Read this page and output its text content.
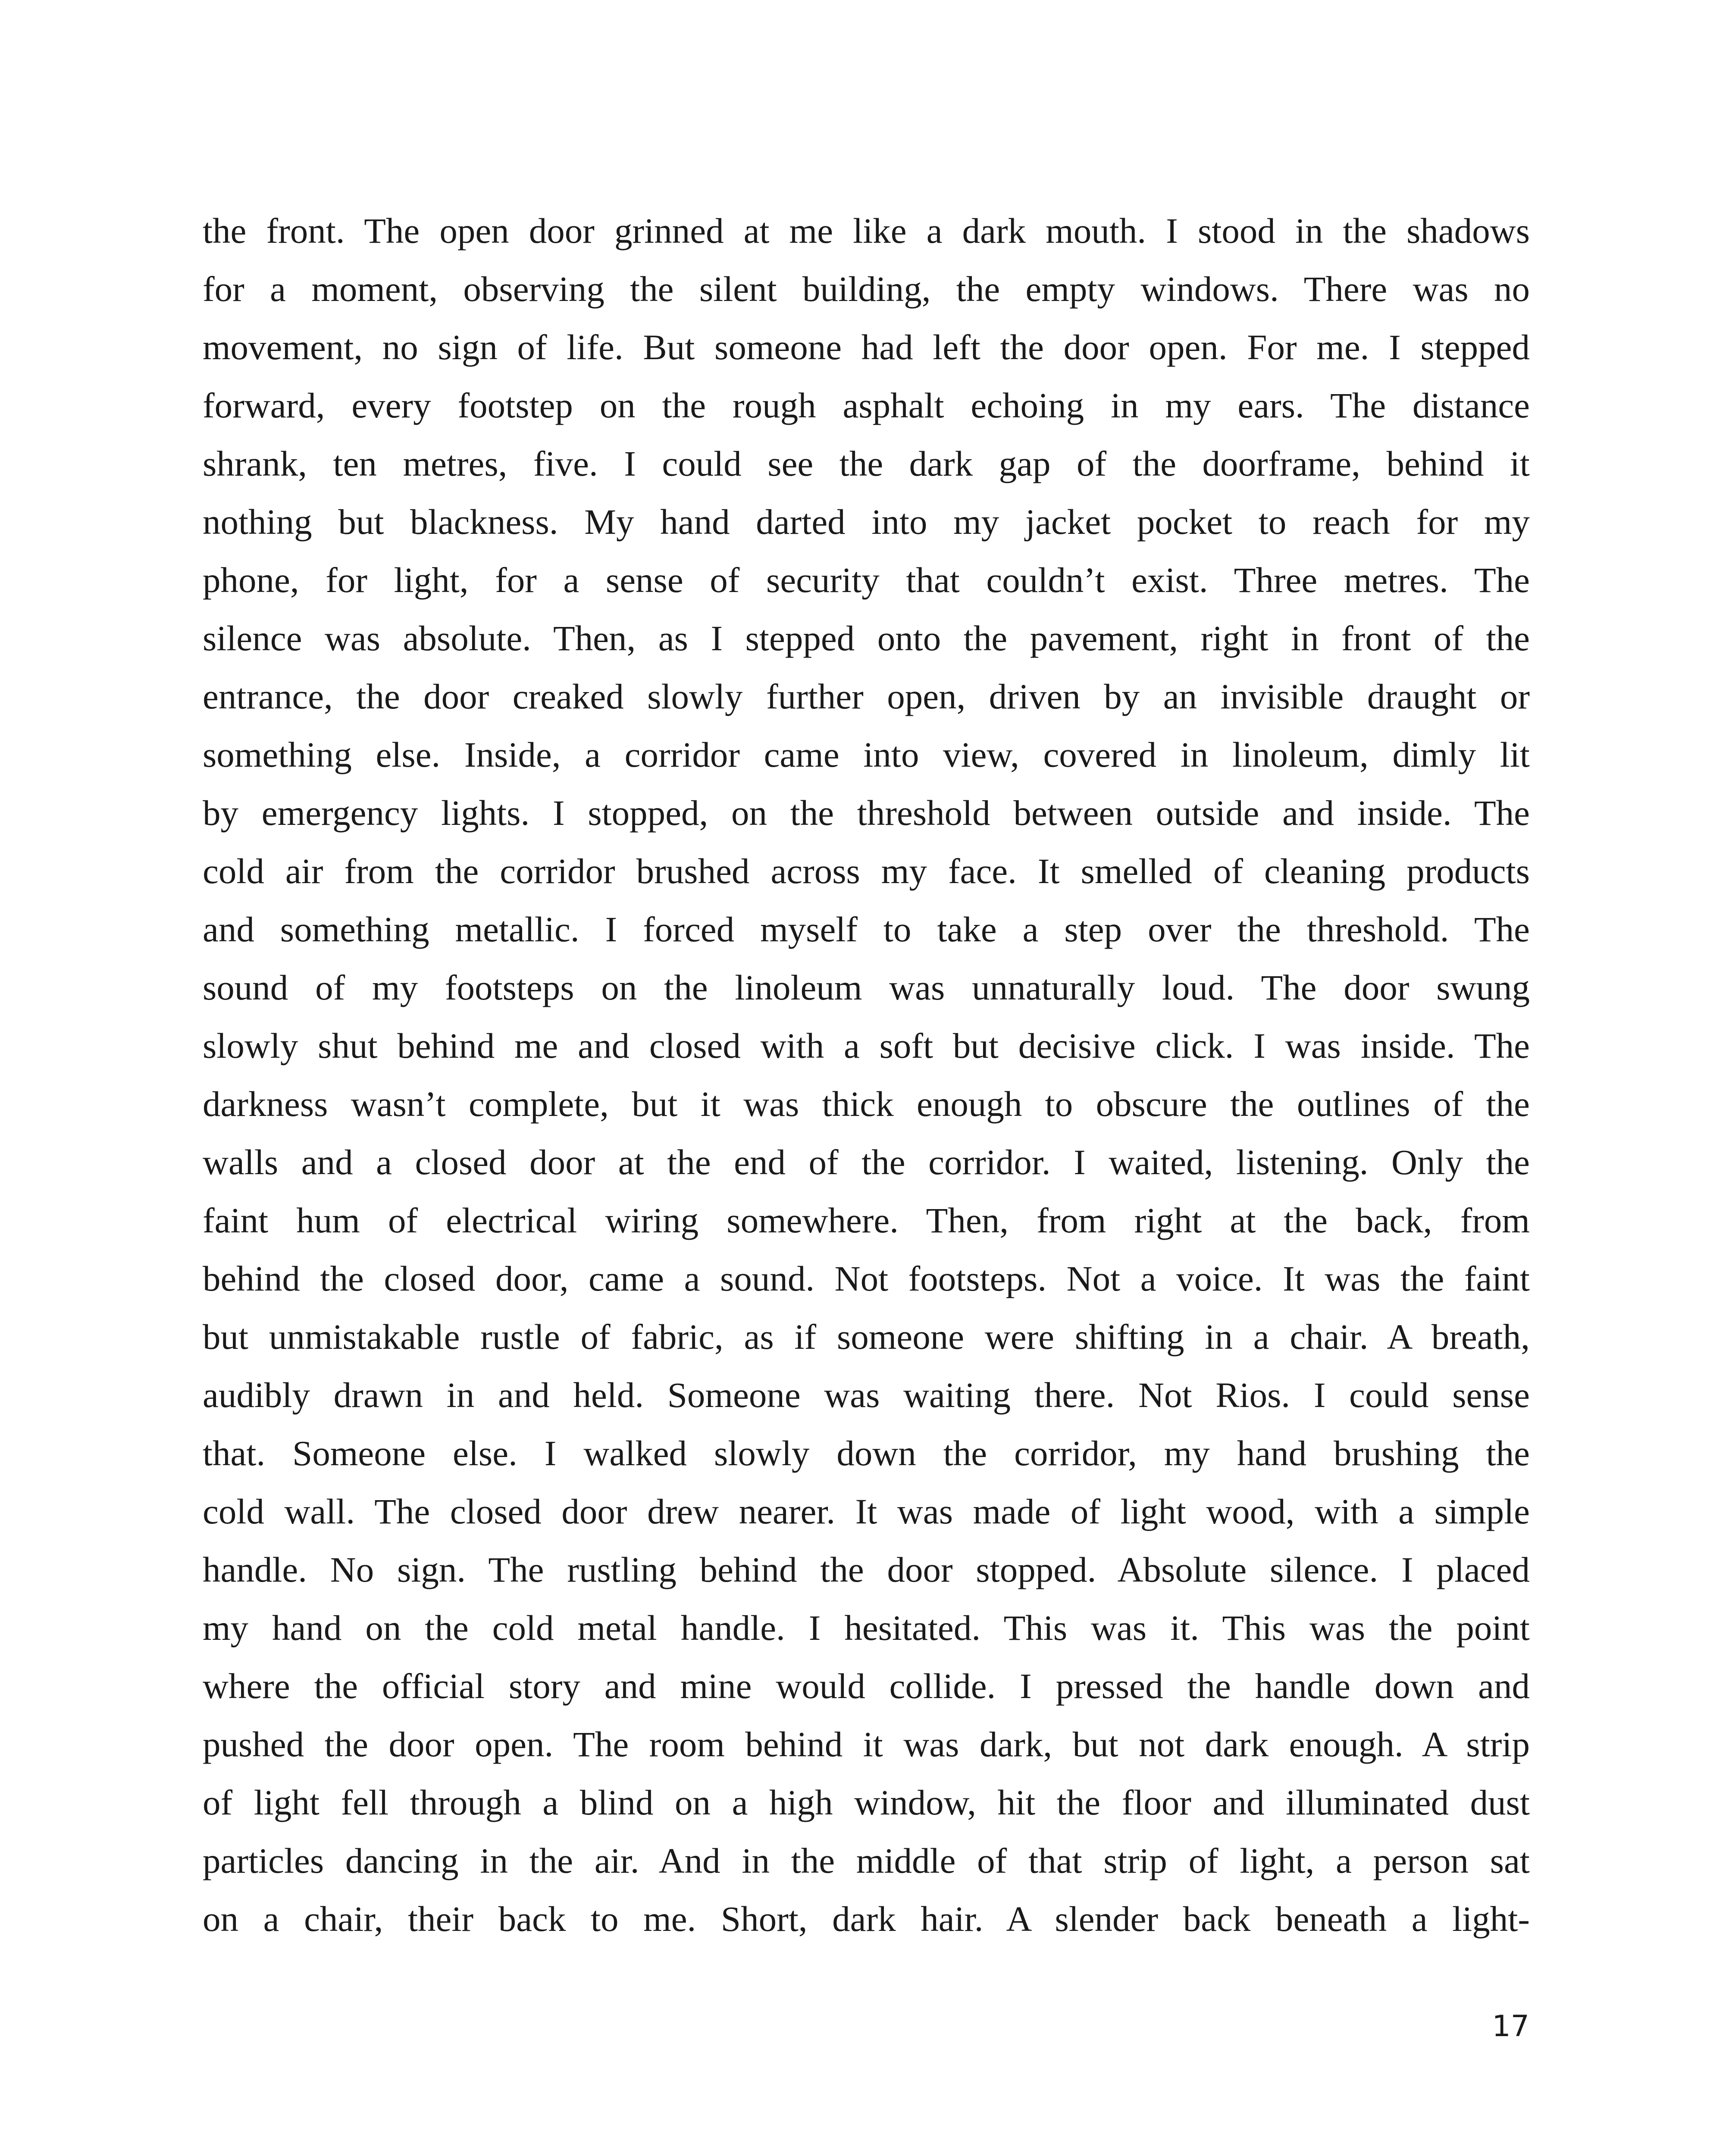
the front. The open door grinned at me like a dark mouth. I stood in the shadows
for a moment, observing the silent building, the empty windows. There was no
movement, no sign of life. But someone had left the door open. For me. I stepped
forward, every footstep on the rough asphalt echoing in my ears. The distance
shrank, ten metres, five. I could see the dark gap of the doorframe, behind it
nothing but blackness. My hand darted into my jacket pocket to reach for my
phone, for light, for a sense of security that couldn’t exist. Three metres. The
silence was absolute. Then, as I stepped onto the pavement, right in front of the
entrance, the door creaked slowly further open, driven by an invisible draught or
something else. Inside, a corridor came into view, covered in linoleum, dimly lit
by emergency lights. I stopped, on the threshold between outside and inside. The
cold air from the corridor brushed across my face. It smelled of cleaning products
and something metallic. I forced myself to take a step over the threshold. The
sound of my footsteps on the linoleum was unnaturally loud. The door swung
slowly shut behind me and closed with a soft but decisive click. I was inside. The
darkness wasn’t complete, but it was thick enough to obscure the outlines of the
walls and a closed door at the end of the corridor. I waited, listening. Only the
faint hum of electrical wiring somewhere. Then, from right at the back, from
behind the closed door, came a sound. Not footsteps. Not a voice. It was the faint
but unmistakable rustle of fabric, as if someone were shifting in a chair. A breath,
audibly drawn in and held. Someone was waiting there. Not Rios. I could sense
that. Someone else. I walked slowly down the corridor, my hand brushing the
cold wall. The closed door drew nearer. It was made of light wood, with a simple
handle. No sign. The rustling behind the door stopped. Absolute silence. I placed
my hand on the cold metal handle. I hesitated. This was it. This was the point
where the official story and mine would collide. I pressed the handle down and
pushed the door open. The room behind it was dark, but not dark enough. A strip
of light fell through a blind on a high window, hit the floor and illuminated dust
particles dancing in the air. And in the middle of that strip of light, a person sat
on a chair, their back to me. Short, dark hair. A slender back beneath a light-
17
